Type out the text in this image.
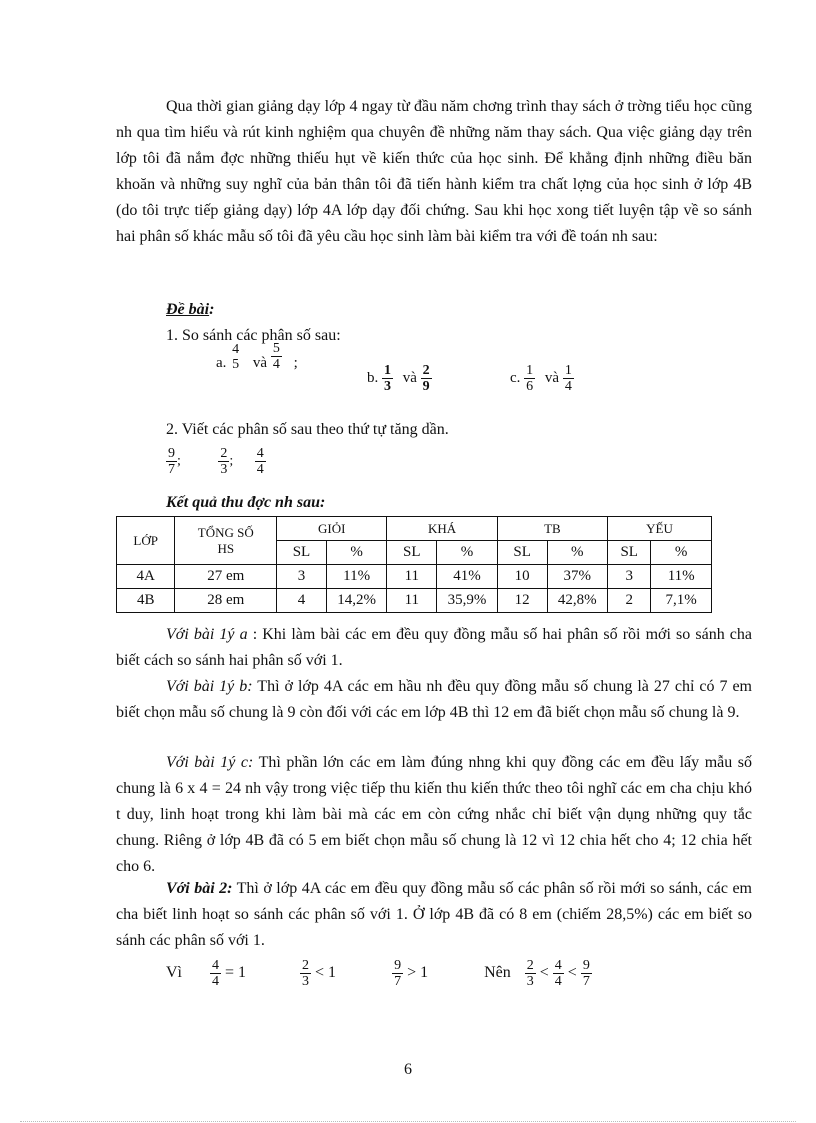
Qua thời gian giảng dạy lớp 4 ngay từ đầu năm chơng trình thay sách ở trờng tiểu học cũng nh qua tìm hiểu và rút kinh nghiệm qua chuyên đề những năm thay sách. Qua việc giảng dạy trên lớp tôi đã nắm đợc những thiếu hụt về kiến thức của học sinh. Để khẳng định những điều băn khoăn và những suy nghĩ của bản thân tôi đã tiến hành kiểm tra chất lợng của học sinh ở lớp 4B (do tôi trực tiếp giảng dạy) lớp 4A lớp dạy đối chứng. Sau khi học xong tiết luyện tập về so sánh hai phân số khác mẫu số tôi đã yêu cầu học sinh làm bài kiểm tra với đề toán nh sau:

Đề bài:
1. So sánh các phân số sau:
a.
4
5 và $\frac{5}{4}$ ;
b. $\frac{1}{3}$ và $\frac{2}{9}$	c. $\frac{1}{6}$ và $\frac{1}{4}$
2. Viết các phân số sau theo thứ tự tăng dần.
$\frac{9}{7}$ ;	$\frac{2}{3}$ ; $\frac{4}{4}$
Kết quả thu đợc nh sau:
LỚP	TỔNG SỐ HS	GIỎI		KHÁ		TB		YẾU	
		SL	%	SL	%	SL	%	SL	%
4A	27 em	3	11%	11	41%	10	37%	3	11%
4B	28 em	4	14,2%	11	35,9%	12	42,8%	2	7,1%

Với bài 1ý a : Khi làm bài các em đều quy đồng mẫu số hai phân số rồi mới so sánh cha biết cách so sánh hai phân số với 1.

Với bài 1ý b: Thì ở lớp 4A các em hầu nh đều quy đồng mẫu số chung là 27 chỉ có 7 em biết chọn mẫu số chung là 9 còn đối với các em lớp 4B thì 12 em đã biết chọn mẫu số chung là 9.

Với bài 1ý c: Thì phần lớn các em làm đúng nhng khi quy đồng các em đều lấy mẫu số chung là 6 x 4 = 24 nh vậy trong việc tiếp thu kiến thu kiến thức theo tôi nghĩ các em cha chịu khó t duy, linh hoạt trong khi làm bài mà các em còn cứng nhắc chỉ biết vận dụng những quy tắc chung. Riêng ở lớp 4B đã có 5 em biết chọn mẫu số chung là 12 vì 12 chia hết cho 4; 12 chia hết cho 6.

Với bài 2: Thì ở lớp 4A các em đều quy đồng mẫu số các phân số rồi mới so sánh, các em cha biết linh hoạt so sánh các phân số với 1. Ở lớp 4B đã có 8 em (chiếm 28,5%) các em biết so sánh các phân số với 1.

Vì $\frac{4}{4} = 1$	$\frac{2}{3} < 1$	$\frac{9}{7} > 1$	Nên $\frac{2}{3} < \frac{4}{4} < \frac{9}{7}$
6
